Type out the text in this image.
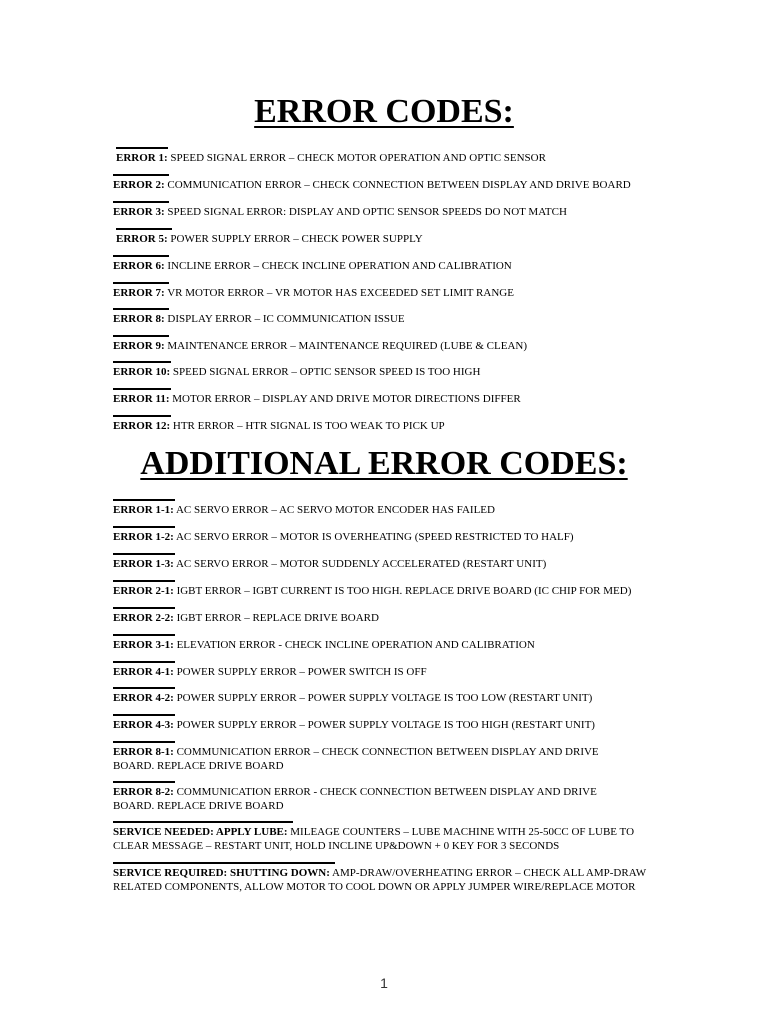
ERROR CODES:
ERROR 1: SPEED SIGNAL ERROR – CHECK MOTOR OPERATION AND OPTIC SENSOR
ERROR 2: COMMUNICATION ERROR – CHECK CONNECTION BETWEEN DISPLAY AND DRIVE BOARD
ERROR 3: SPEED SIGNAL ERROR: DISPLAY AND OPTIC SENSOR SPEEDS DO NOT MATCH
ERROR 5: POWER SUPPLY ERROR – CHECK POWER SUPPLY
ERROR 6: INCLINE ERROR – CHECK INCLINE OPERATION AND CALIBRATION
ERROR 7: VR MOTOR ERROR – VR MOTOR HAS EXCEEDED SET LIMIT RANGE
ERROR 8: DISPLAY ERROR – IC COMMUNICATION ISSUE
ERROR 9: MAINTENANCE ERROR – MAINTENANCE REQUIRED (LUBE & CLEAN)
ERROR 10: SPEED SIGNAL ERROR – OPTIC SENSOR SPEED IS TOO HIGH
ERROR 11: MOTOR ERROR – DISPLAY AND DRIVE MOTOR DIRECTIONS DIFFER
ERROR 12: HTR ERROR – HTR SIGNAL IS TOO WEAK TO PICK UP
ADDITIONAL ERROR CODES:
ERROR 1-1: AC SERVO ERROR – AC SERVO MOTOR ENCODER HAS FAILED
ERROR 1-2: AC SERVO ERROR – MOTOR IS OVERHEATING (SPEED RESTRICTED TO HALF)
ERROR 1-3: AC SERVO ERROR – MOTOR SUDDENLY ACCELERATED (RESTART UNIT)
ERROR 2-1: IGBT ERROR – IGBT CURRENT IS TOO HIGH. REPLACE DRIVE BOARD (IC CHIP FOR MED)
ERROR 2-2: IGBT ERROR – REPLACE DRIVE BOARD
ERROR 3-1: ELEVATION ERROR - CHECK INCLINE OPERATION AND CALIBRATION
ERROR 4-1: POWER SUPPLY ERROR – POWER SWITCH IS OFF
ERROR 4-2: POWER SUPPLY ERROR – POWER SUPPLY VOLTAGE IS TOO LOW (RESTART UNIT)
ERROR 4-3: POWER SUPPLY ERROR – POWER SUPPLY VOLTAGE IS TOO HIGH (RESTART UNIT)
ERROR 8-1: COMMUNICATION ERROR – CHECK CONNECTION BETWEEN DISPLAY AND DRIVE BOARD. REPLACE DRIVE BOARD
ERROR 8-2: COMMUNICATION ERROR - CHECK CONNECTION BETWEEN DISPLAY AND DRIVE BOARD. REPLACE DRIVE BOARD
SERVICE NEEDED: APPLY LUBE: MILEAGE COUNTERS – LUBE MACHINE WITH 25-50CC OF LUBE TO CLEAR MESSAGE – RESTART UNIT, HOLD INCLINE UP&DOWN + 0 KEY FOR 3 SECONDS
SERVICE REQUIRED: SHUTTING DOWN: AMP-DRAW/OVERHEATING ERROR – CHECK ALL AMP-DRAW RELATED COMPONENTS, ALLOW MOTOR TO COOL DOWN OR APPLY JUMPER WIRE/REPLACE MOTOR
1
